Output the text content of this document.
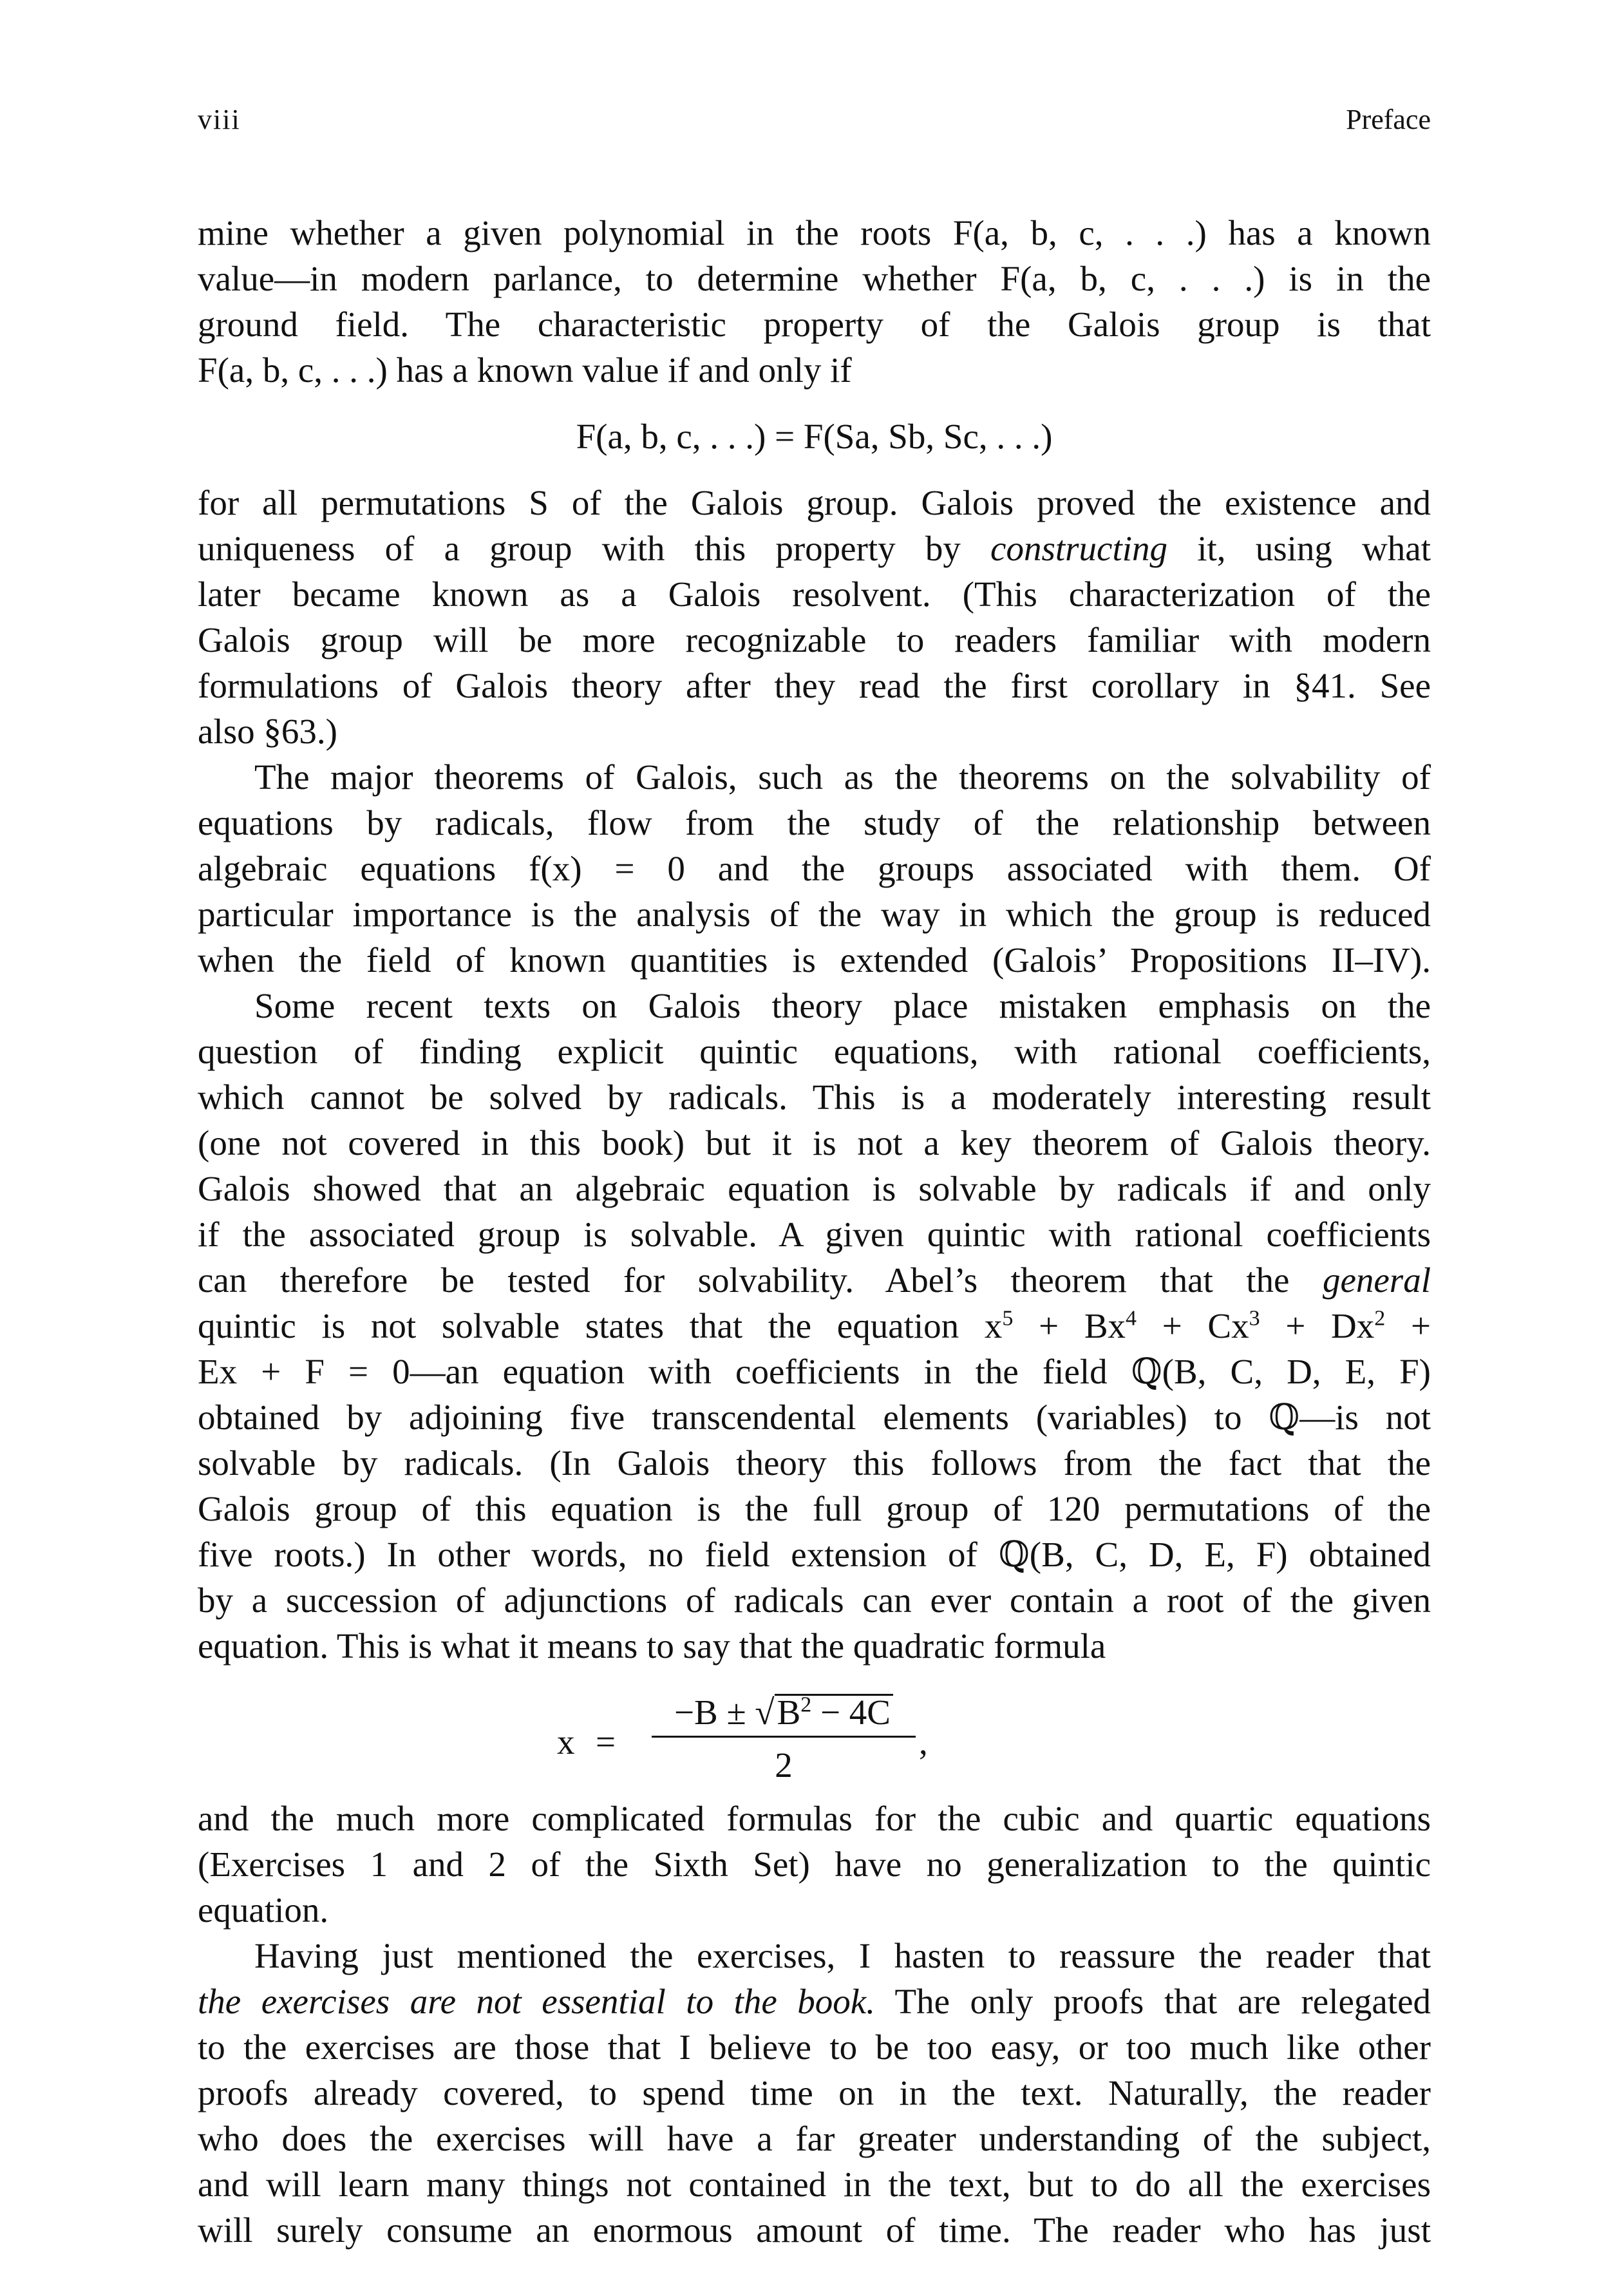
viii	Preface
mine whether a given polynomial in the roots F(a, b, c, . . .) has a known
value—in modern parlance, to determine whether F(a, b, c, . . .) is in the
ground field. The characteristic property of the Galois group is that
F(a, b, c, . . .) has a known value if and only if
F(a, b, c, . . .) = F(Sa, Sb, Sc, . . .)
for all permutations S of the Galois group. Galois proved the existence and
uniqueness of a group with this property by constructing it, using what
later became known as a Galois resolvent. (This characterization of the
Galois group will be more recognizable to readers familiar with modern
formulations of Galois theory after they read the first corollary in §41. See
also §63.)
The major theorems of Galois, such as the theorems on the solvability of
equations by radicals, flow from the study of the relationship between
algebraic equations f(x) = 0 and the groups associated with them. Of
particular importance is the analysis of the way in which the group is reduced
when the field of known quantities is extended (Galois’ Propositions II–IV).
Some recent texts on Galois theory place mistaken emphasis on the
question of finding explicit quintic equations, with rational coefficients,
which cannot be solved by radicals. This is a moderately interesting result
(one not covered in this book) but it is not a key theorem of Galois theory.
Galois showed that an algebraic equation is solvable by radicals if and only
if the associated group is solvable. A given quintic with rational coefficients
can therefore be tested for solvability. Abel’s theorem that the general
quintic is not solvable states that the equation $x^5 + Bx^4 + Cx^3 + Dx^2$ +
Ex + F = 0—an equation with coefficients in the field ℚ(B, C, D, E, F)
obtained by adjoining five transcendental elements (variables) to ℚ—is not
solvable by radicals. (In Galois theory this follows from the fact that the
Galois group of this equation is the full group of 120 permutations of the
five roots.) In other words, no field extension of ℚ(B, C, D, E, F) obtained
by a succession of adjunctions of radicals can ever contain a root of the given
equation. This is what it means to say that the quadratic formula
x =
$-B \pm √B^2 - 4C$
2
,
and the much more complicated formulas for the cubic and quartic equations
(Exercises 1 and 2 of the Sixth Set) have no generalization to the quintic
equation.
Having just mentioned the exercises, I hasten to reassure the reader that
the exercises are not essential to the book. The only proofs that are relegated
to the exercises are those that I believe to be too easy, or too much like other
proofs already covered, to spend time on in the text. Naturally, the reader
who does the exercises will have a far greater understanding of the subject,
and will learn many things not contained in the text, but to do all the exercises
will surely consume an enormous amount of time. The reader who has just
